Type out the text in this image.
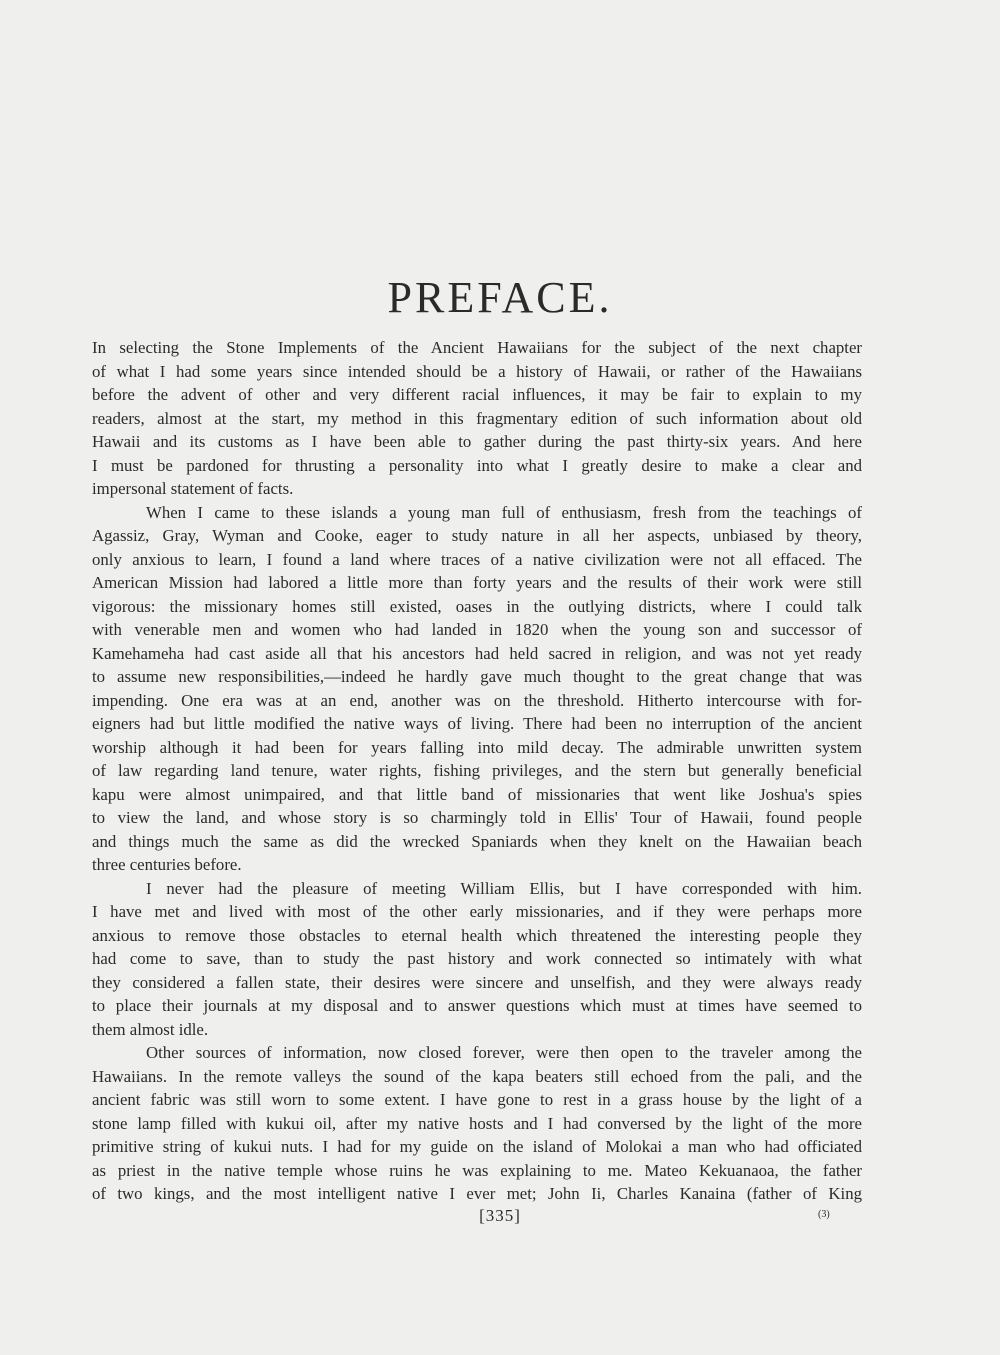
PREFACE.

In selecting the Stone Implements of the Ancient Hawaiians for the subject of the next chapter
of what I had some years since intended should be a history of Hawaii, or rather of the Hawaiians
before the advent of other and very different racial influences, it may be fair to explain to my
readers, almost at the start, my method in this fragmentary edition of such information about old
Hawaii and its customs as I have been able to gather during the past thirty-six years. And here
I must be pardoned for thrusting a personality into what I greatly desire to make a clear and
impersonal statement of facts.

When I came to these islands a young man full of enthusiasm, fresh from the teachings of
Agassiz, Gray, Wyman and Cooke, eager to study nature in all her aspects, unbiased by theory,
only anxious to learn, I found a land where traces of a native civilization were not all effaced. The
American Mission had labored a little more than forty years and the results of their work were still
vigorous: the missionary homes still existed, oases in the outlying districts, where I could talk
with venerable men and women who had landed in 1820 when the young son and successor of
Kamehameha had cast aside all that his ancestors had held sacred in religion, and was not yet ready
to assume new responsibilities,—indeed he hardly gave much thought to the great change that was
impending. One era was at an end, another was on the threshold. Hitherto intercourse with for-
eigners had but little modified the native ways of living. There had been no interruption of the ancient
worship although it had been for years falling into mild decay. The admirable unwritten system
of law regarding land tenure, water rights, fishing privileges, and the stern but generally beneficial
kapu were almost unimpaired, and that little band of missionaries that went like Joshua's spies
to view the land, and whose story is so charmingly told in Ellis' Tour of Hawaii, found people
and things much the same as did the wrecked Spaniards when they knelt on the Hawaiian beach
three centuries before.

I never had the pleasure of meeting William Ellis, but I have corresponded with him.
I have met and lived with most of the other early missionaries, and if they were perhaps more
anxious to remove those obstacles to eternal health which threatened the interesting people they
had come to save, than to study the past history and work connected so intimately with what
they considered a fallen state, their desires were sincere and unselfish, and they were always ready
to place their journals at my disposal and to answer questions which must at times have seemed to
them almost idle.

Other sources of information, now closed forever, were then open to the traveler among the
Hawaiians. In the remote valleys the sound of the kapa beaters still echoed from the pali, and the
ancient fabric was still worn to some extent. I have gone to rest in a grass house by the light of a
stone lamp filled with kukui oil, after my native hosts and I had conversed by the light of the more
primitive string of kukui nuts. I had for my guide on the island of Molokai a man who had officiated
as priest in the native temple whose ruins he was explaining to me. Mateo Kekuanaoa, the father
of two kings, and the most intelligent native I ever met; John Ii, Charles Kanaina (father of King

[335]	(3)
